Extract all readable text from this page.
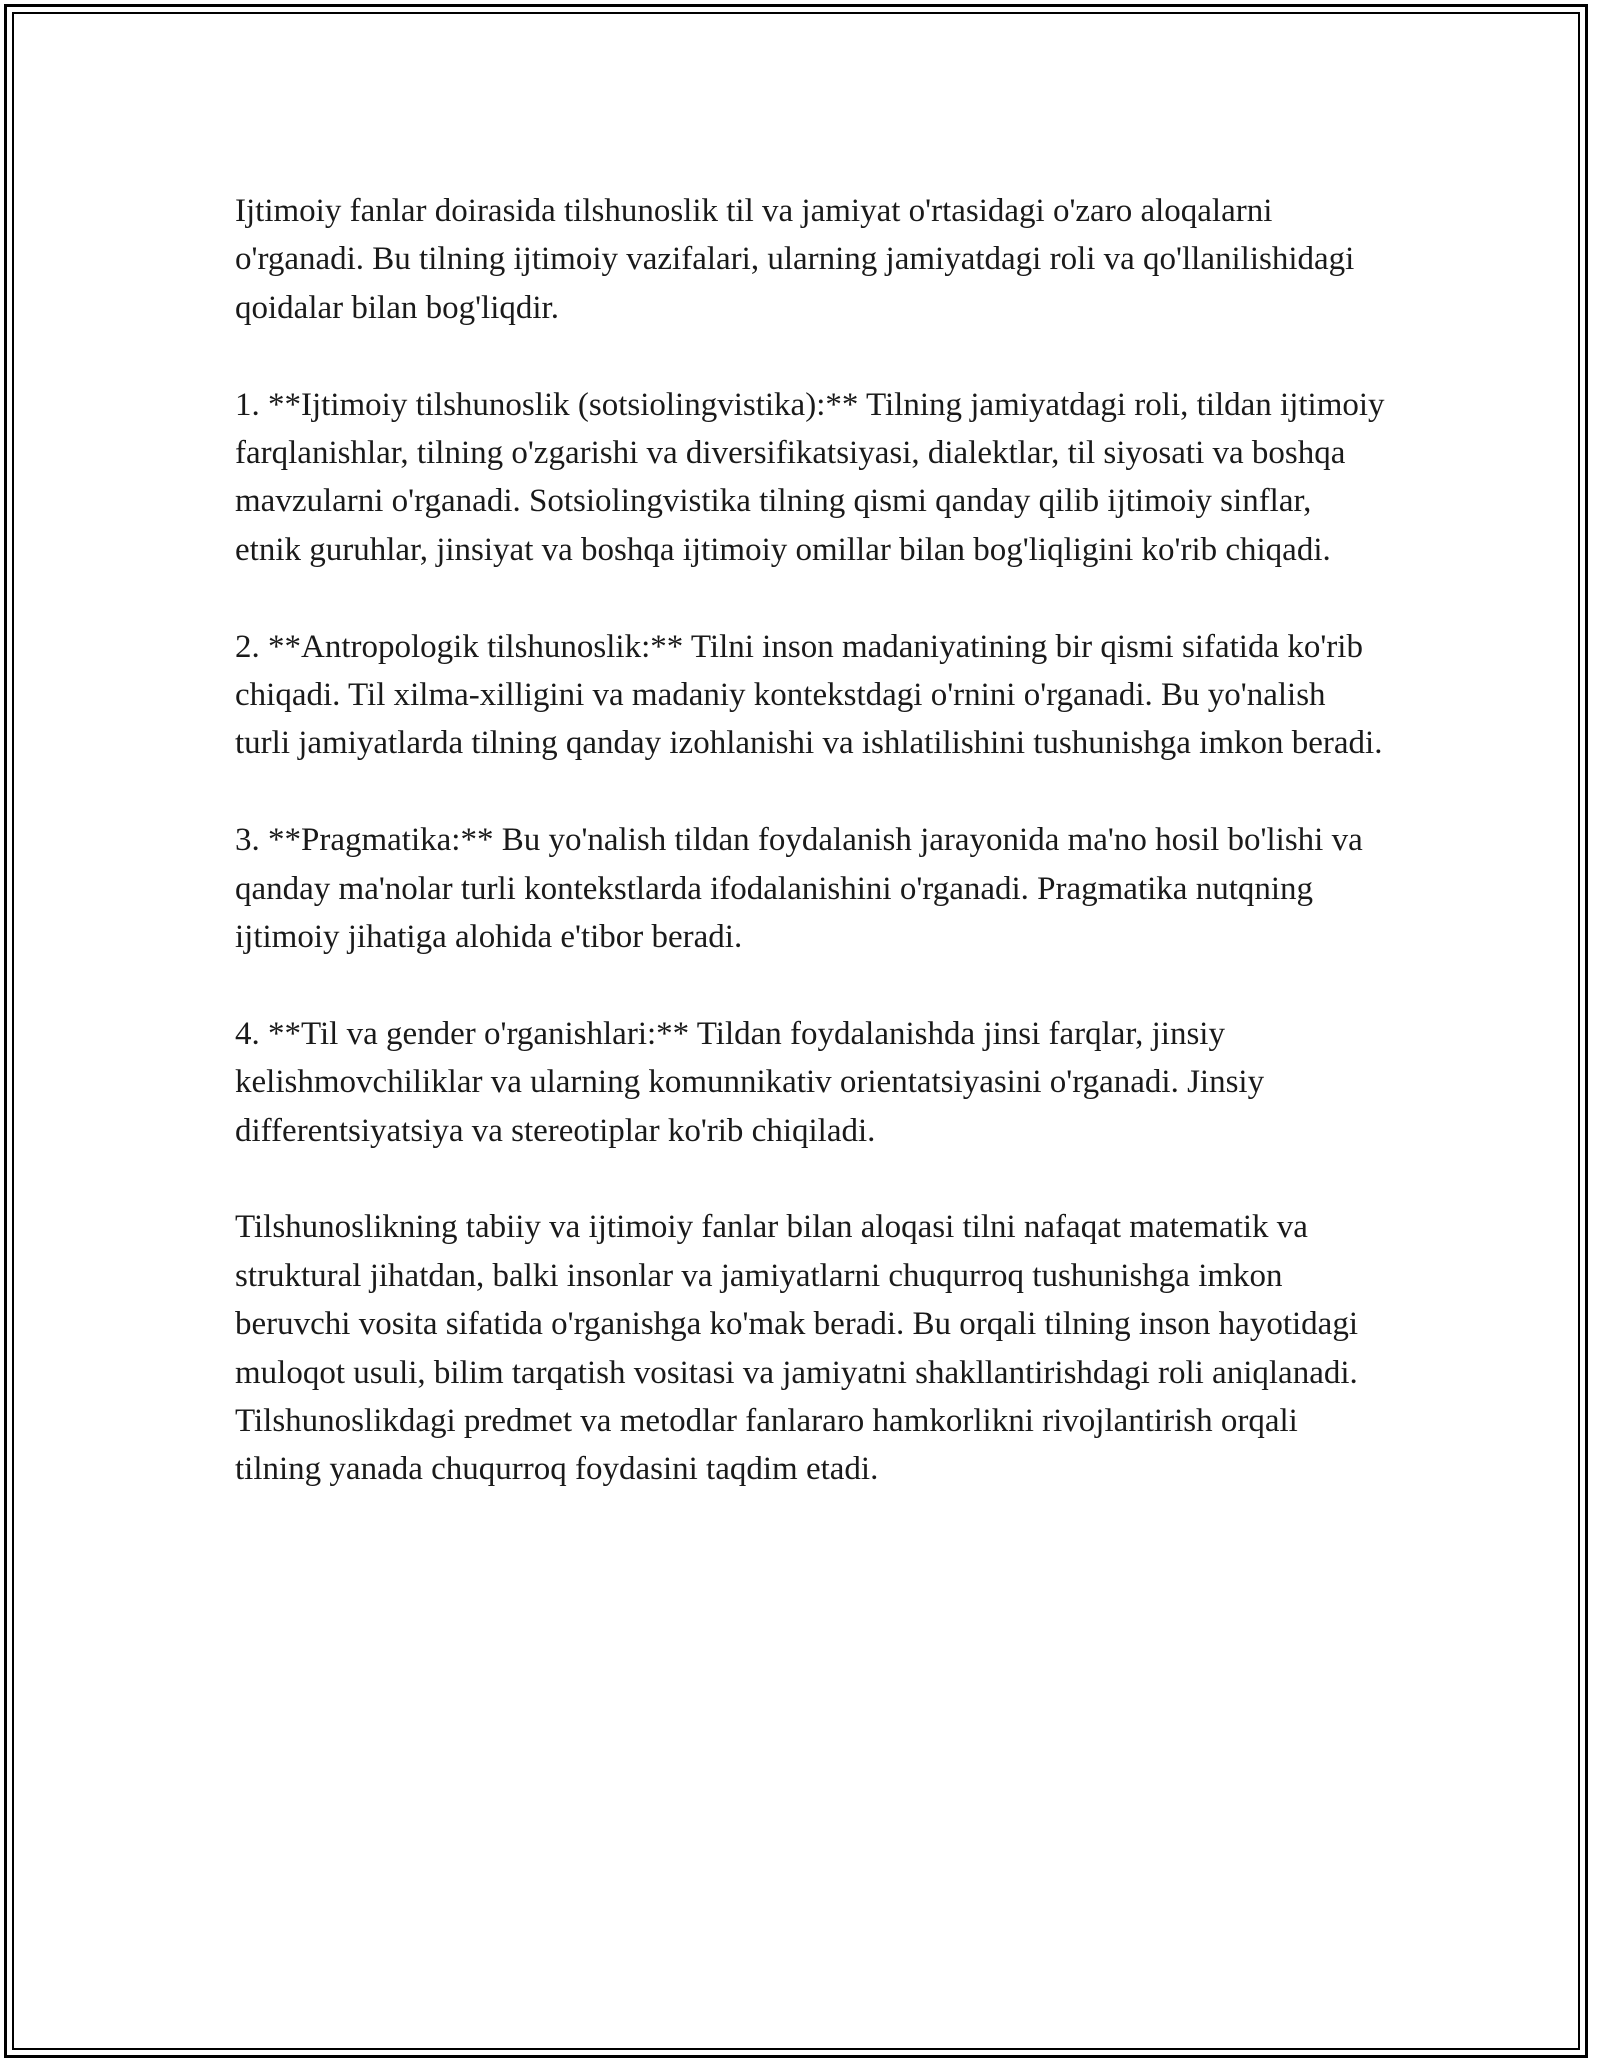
Ijtimoiy fanlar doirasida tilshunoslik til va jamiyat o'rtasidagi o'zaro aloqalarni o'rganadi. Bu tilning ijtimoiy vazifalari, ularning jamiyatdagi roli va qo'llanilishidagi qoidalar bilan bog'liqdir.

1. **Ijtimoiy tilshunoslik (sotsiolingvistika):** Tilning jamiyatdagi roli, tildan ijtimoiy farqlanishlar, tilning o'zgarishi va diversifikatsiyasi, dialektlar, til siyosati va boshqa mavzularni o'rganadi. Sotsiolingvistika tilning qismi qanday qilib ijtimoiy sinflar, etnik guruhlar, jinsiyat va boshqa ijtimoiy omillar bilan bog'liqligini ko'rib chiqadi.

2. **Antropologik tilshunoslik:** Tilni inson madaniyatining bir qismi sifatida ko'rib chiqadi. Til xilma-xilligini va madaniy kontekstdagi o'rnini o'rganadi. Bu yo'nalish turli jamiyatlarda tilning qanday izohlanishi va ishlatilishini tushunishga imkon beradi.

3. **Pragmatika:** Bu yo'nalish tildan foydalanish jarayonida ma'no hosil bo'lishi va qanday ma'nolar turli kontekstlarda ifodalanishini o'rganadi. Pragmatika nutqning ijtimoiy jihatiga alohida e'tibor beradi.

4. **Til va gender o'rganishlari:** Tildan foydalanishda jinsi farqlar, jinsiy kelishmovchiliklar va ularning komunnikativ orientatsiyasini o'rganadi. Jinsiy differentsiyatsiya va stereotiplar ko'rib chiqiladi.

Tilshunoslikning tabiiy va ijtimoiy fanlar bilan aloqasi tilni nafaqat matematik va struktural jihatdan, balki insonlar va jamiyatlarni chuqurroq tushunishga imkon beruvchi vosita sifatida o'rganishga ko'mak beradi. Bu orqali tilning inson hayotidagi muloqot usuli, bilim tarqatish vositasi va jamiyatni shakllantirishdagi roli aniqlanadi. Tilshunoslikdagi predmet va metodlar fanlararo hamkorlikni rivojlantirish orqali tilning yanada chuqurroq foydasini taqdim etadi.
